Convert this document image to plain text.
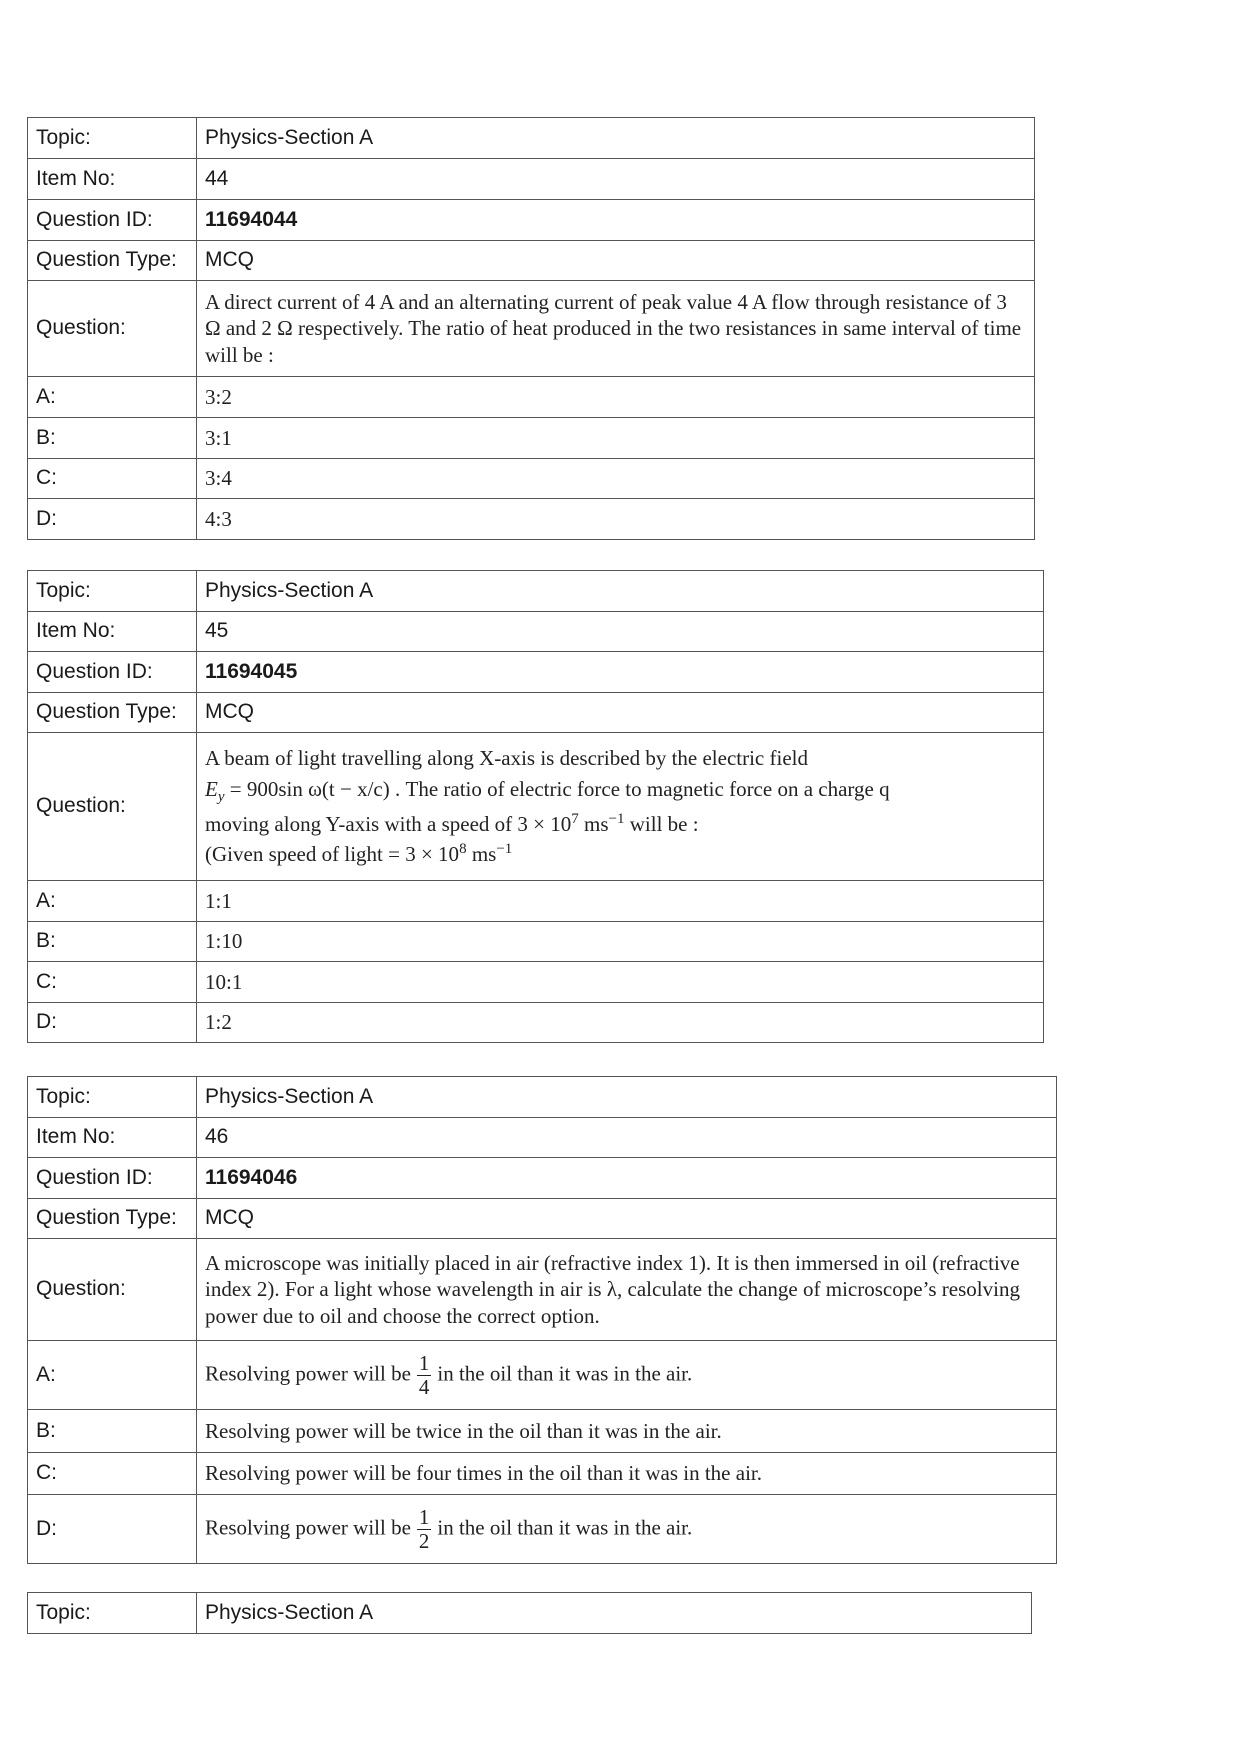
Topic:	Physics-Section A
Item No:	44
Question ID:	11694044
Question Type:	MCQ
Question:	A direct current of 4 A and an alternating current of peak value 4 A flow through resistance of 3 Ω and 2 Ω respectively. The ratio of heat produced in the two resistances in same interval of time will be :
A:	3:2
B:	3:1
C:	3:4
D:	4:3
Topic:	Physics-Section A
Item No:	45
Question ID:	11694045
Question Type:	MCQ
Question:	A beam of light travelling along X-axis is described by the electric field
$E_y = 900\sin$ ω(t − x/c) . The ratio of electric force to magnetic force on a charge q
moving along Y-axis with a speed of $3 \times 10^7$ $ms^{-1}$ will be :
(Given speed of light = $3 \times 10^8$ $ms^{-1}$
A:	1:1
B:	1:10
C:	10:1
D:	1:2
Topic:	Physics-Section A
Item No:	46
Question ID:	11694046
Question Type:	MCQ
Question:	A microscope was initially placed in air (refractive index 1). It is then immersed in oil (refractive index 2). For a light whose wavelength in air is λ, calculate the change of microscope’s resolving power due to oil and choose the correct option.
A:	Resolving power will be $\frac{1}{4}$ in the oil than it was in the air.
B:	Resolving power will be twice in the oil than it was in the air.
C:	Resolving power will be four times in the oil than it was in the air.
D:	Resolving power will be $\frac{1}{2}$ in the oil than it was in the air.
Topic:	Physics-Section A
